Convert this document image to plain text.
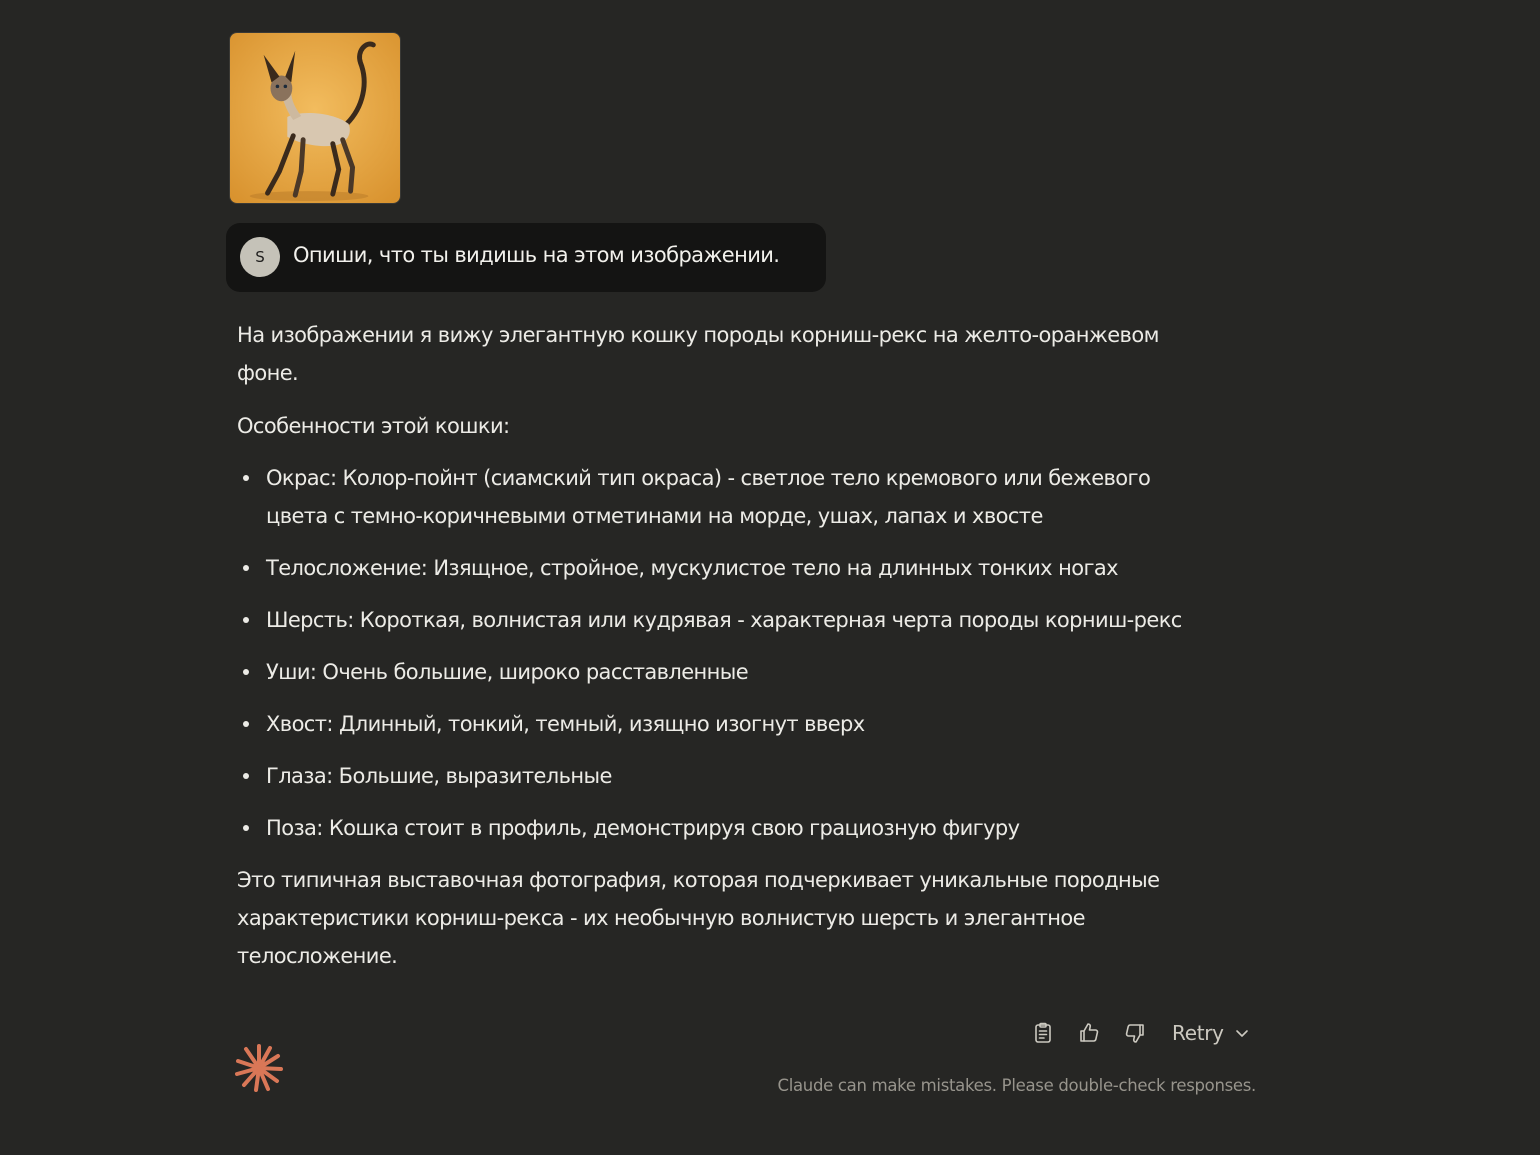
S	Опиши, что ты видишь на этом изображении.

На изображении я вижу элегантную кошку породы корниш-рекс на желто-оранжевом фоне.

Особенности этой кошки:

Окрас: Колор-пойнт (сиамский тип окраса) - светлое тело кремового или бежевого цвета с темно-коричневыми отметинами на морде, ушах, лапах и хвосте
Телосложение: Изящное, стройное, мускулистое тело на длинных тонких ногах
Шерсть: Короткая, волнистая или кудрявая - характерная черта породы корниш-рекс
Уши: Очень большие, широко расставленные
Хвост: Длинный, тонкий, темный, изящно изогнут вверх
Глаза: Большие, выразительные
Поза: Кошка стоит в профиль, демонстрируя свою грациозную фигуру

Это типичная выставочная фотография, которая подчеркивает уникальные породные характеристики корниш-рекса - их необычную волнистую шерсть и элегантное телосложение.

Retry
Claude can make mistakes. Please double-check responses.
